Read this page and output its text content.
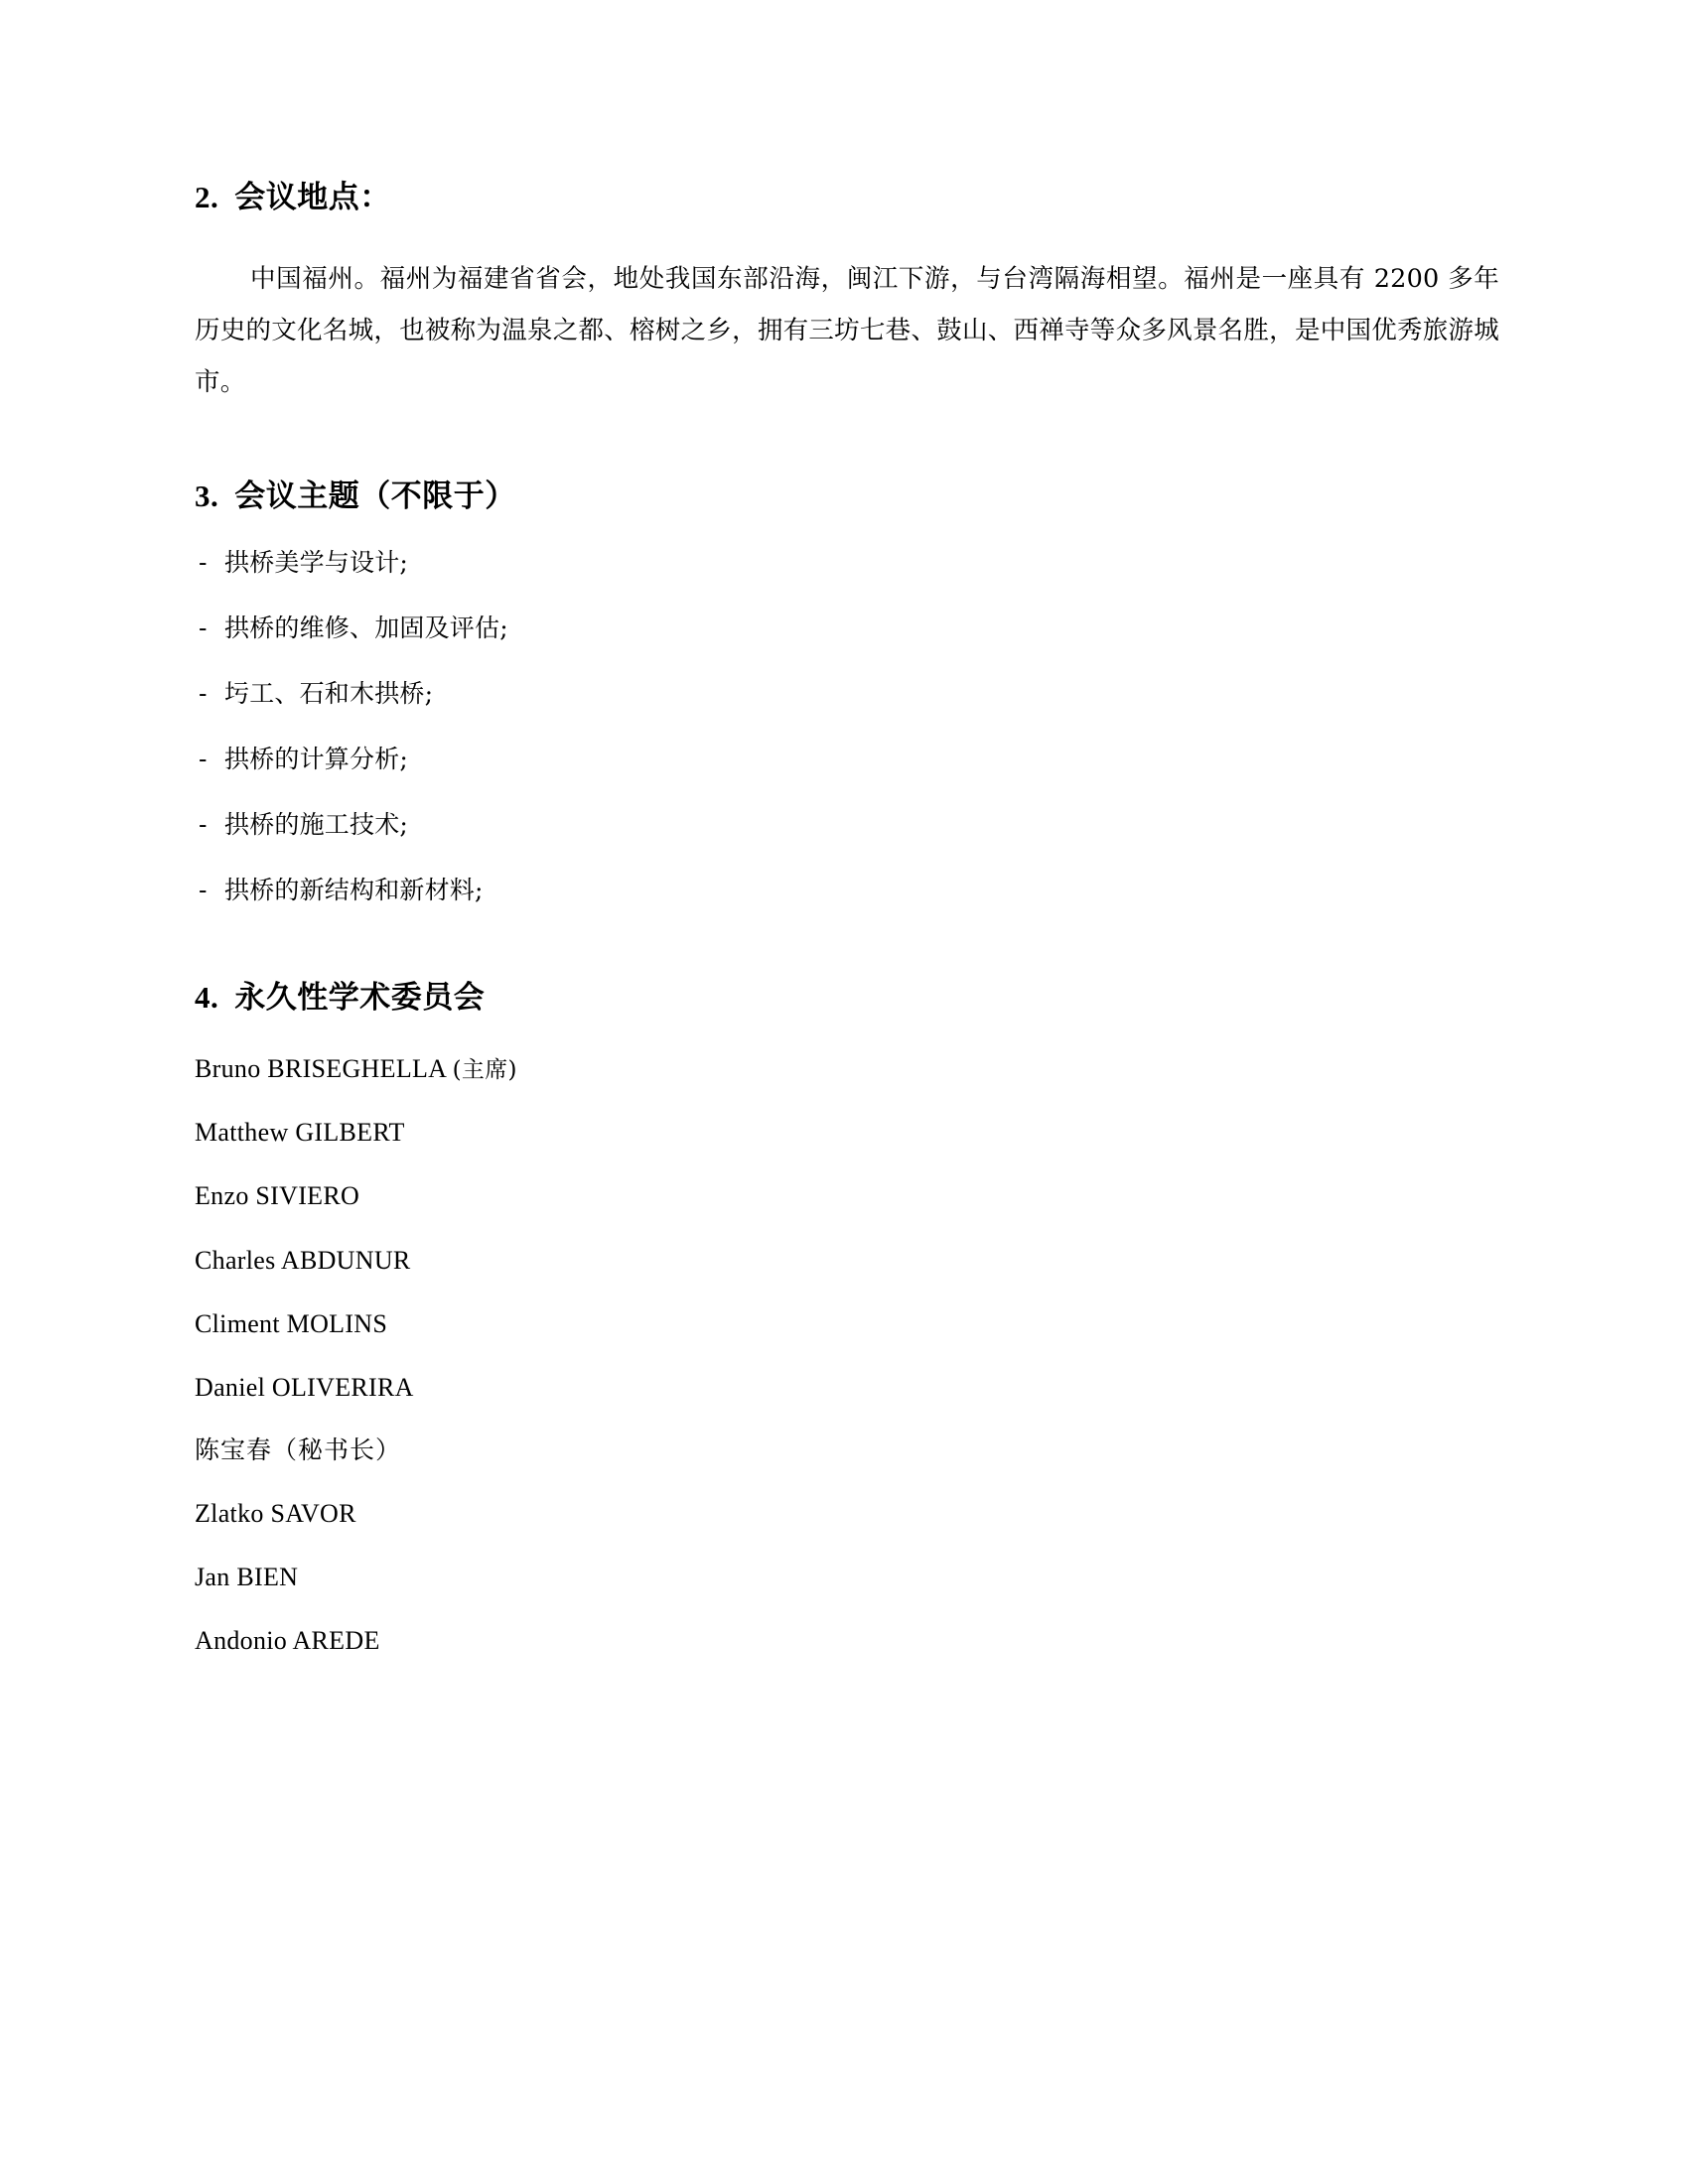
2. 会议地点：

中国福州。福州为福建省省会，地处我国东部沿海，闽江下游，与台湾隔海相望。福州是一座具有 2200 多年历史的文化名城，也被称为温泉之都、榕树之乡，拥有三坊七巷、鼓山、西禅寺等众多风景名胜，是中国优秀旅游城市。

3. 会议主题（不限于）
- 拱桥美学与设计;
- 拱桥的维修、加固及评估;
- 圬工、石和木拱桥;
- 拱桥的计算分析;
- 拱桥的施工技术;
- 拱桥的新结构和新材料;
4. 永久性学术委员会
Bruno BRISEGHELLA (主席)
Matthew GILBERT
Enzo SIVIERO
Charles ABDUNUR
Climent MOLINS
Daniel OLIVERIRA
陈宝春（秘书长）
Zlatko SAVOR
Jan BIEN
Andonio AREDE
